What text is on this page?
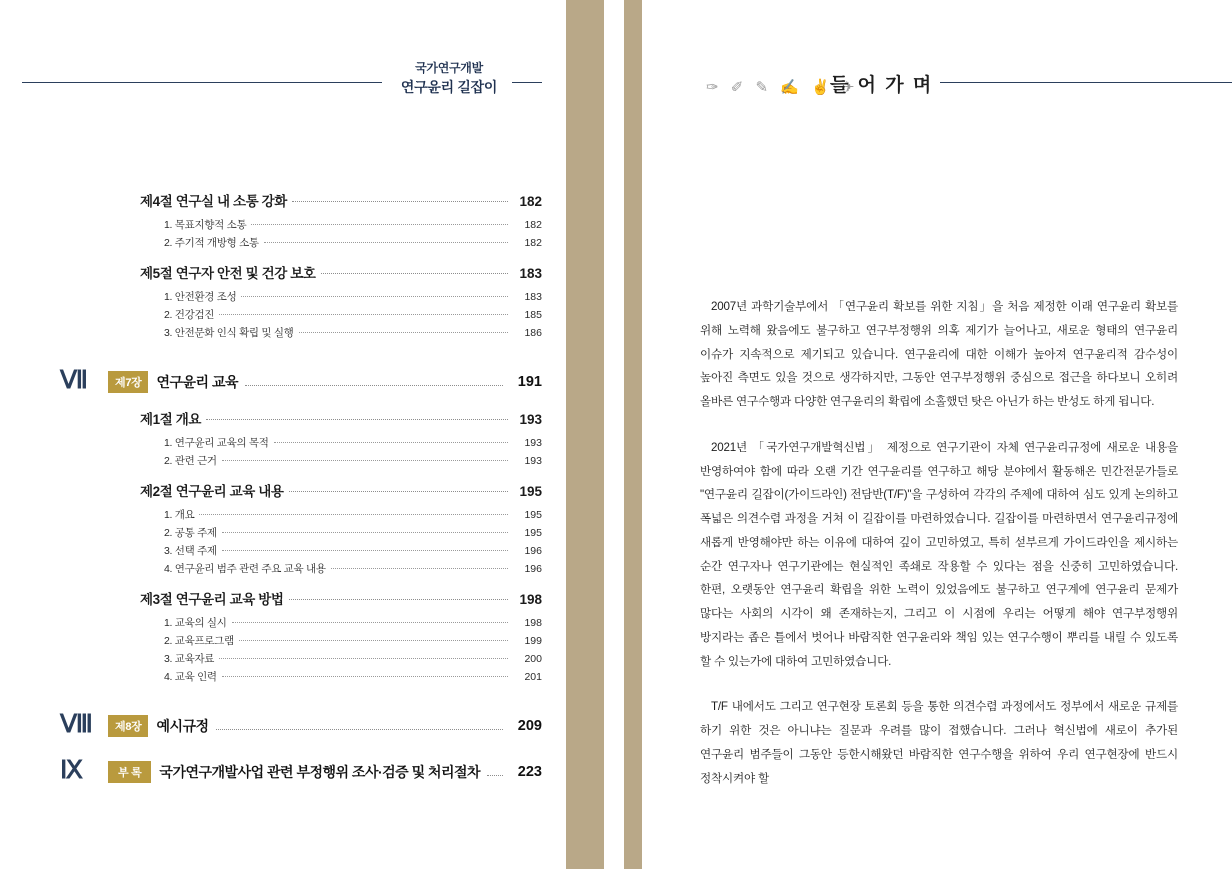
국가연구개발
연구윤리 길잡이
제4절 연구실 내 소통 강화	182
1. 목표지향적 소통	182
2. 주기적 개방형 소통	182
제5절 연구자 안전 및 건강 보호	183
1. 안전환경 조성	183
2. 건강검진	185
3. 안전문화 인식 확립 및 실행	186
Ⅶ	제7장	연구윤리 교육	191
제1절 개요	193
1. 연구윤리 교육의 목적	193
2. 관련 근거	193
제2절 연구윤리 교육 내용	195
1. 개요	195
2. 공통 주제	195
3. 선택 주제	196
4. 연구윤리 범주 관련 주요 교육 내용	196
제3절 연구윤리 교육 방법	198
1. 교육의 실시	198
2. 교육프로그램	199
3. 교육자료	200
4. 교육 인력	201
Ⅷ	제8장	예시규정	209
Ⅸ	부 록	국가연구개발사업 관련 부정행위 조사·검증 및 처리절차	223
✑ ✐ ✎ ✍ ✌ ✈
들 어 가 며

2007년 과학기술부에서 「연구윤리 확보를 위한 지침」을 처음 제정한 이래 연구윤리 확보를 위해 노력해 왔음에도 불구하고 연구부정행위 의혹 제기가 늘어나고, 새로운 형태의 연구윤리 이슈가 지속적으로 제기되고 있습니다. 연구윤리에 대한 이해가 높아져 연구윤리적 감수성이 높아진 측면도 있을 것으로 생각하지만, 그동안 연구부정행위 중심으로 접근을 하다보니 오히려 올바른 연구수행과 다양한 연구윤리의 확립에 소홀했던 탓은 아닌가 하는 반성도 하게 됩니다.

2021년 「국가연구개발혁신법」 제정으로 연구기관이 자체 연구윤리규정에 새로운 내용을 반영하여야 함에 따라 오랜 기간 연구윤리를 연구하고 해당 분야에서 활동해온 민간전문가들로 "연구윤리 길잡이(가이드라인) 전담반(T/F)"을 구성하여 각각의 주제에 대하여 심도 있게 논의하고 폭넓은 의견수렴 과정을 거쳐 이 길잡이를 마련하였습니다. 길잡이를 마련하면서 연구윤리규정에 새롭게 반영해야만 하는 이유에 대하여 깊이 고민하였고, 특히 섣부르게 가이드라인을 제시하는 순간 연구자나 연구기관에는 현실적인 족쇄로 작용할 수 있다는 점을 신중히 고민하였습니다. 한편, 오랫동안 연구윤리 확립을 위한 노력이 있었음에도 불구하고 연구계에 연구윤리 문제가 많다는 사회의 시각이 왜 존재하는지, 그리고 이 시점에 우리는 어떻게 해야 연구부정행위 방지라는 좁은 틀에서 벗어나 바람직한 연구윤리와 책임 있는 연구수행이 뿌리를 내릴 수 있도록 할 수 있는가에 대하여 고민하였습니다.

T/F 내에서도 그리고 연구현장 토론회 등을 통한 의견수렴 과정에서도 정부에서 새로운 규제를 하기 위한 것은 아니냐는 질문과 우려를 많이 접했습니다. 그러나 혁신법에 새로이 추가된 연구윤리 범주들이 그동안 등한시해왔던 바람직한 연구수행을 위하여 우리 연구현장에 반드시 정착시켜야 할
